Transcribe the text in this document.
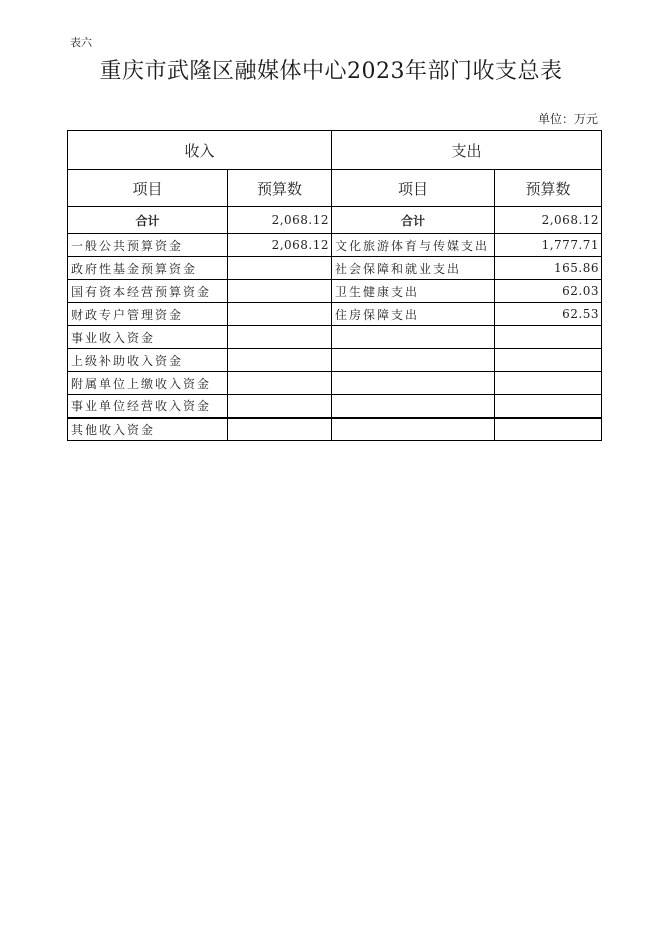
表六
重庆市武隆区融媒体中心2023年部门收支总表
单位：万元
收入		支出	
项目	预算数	项目	预算数
合计	2,068.12	合计	2,068.12
一般公共预算资金	2,068.12	文化旅游体育与传媒支出	1,777.71
政府性基金预算资金		社会保障和就业支出	165.86
国有资本经营预算资金		卫生健康支出	62.03
财政专户管理资金		住房保障支出	62.53
事业收入资金			
上级补助收入资金			
附属单位上缴收入资金			
事业单位经营收入资金			
其他收入资金			
